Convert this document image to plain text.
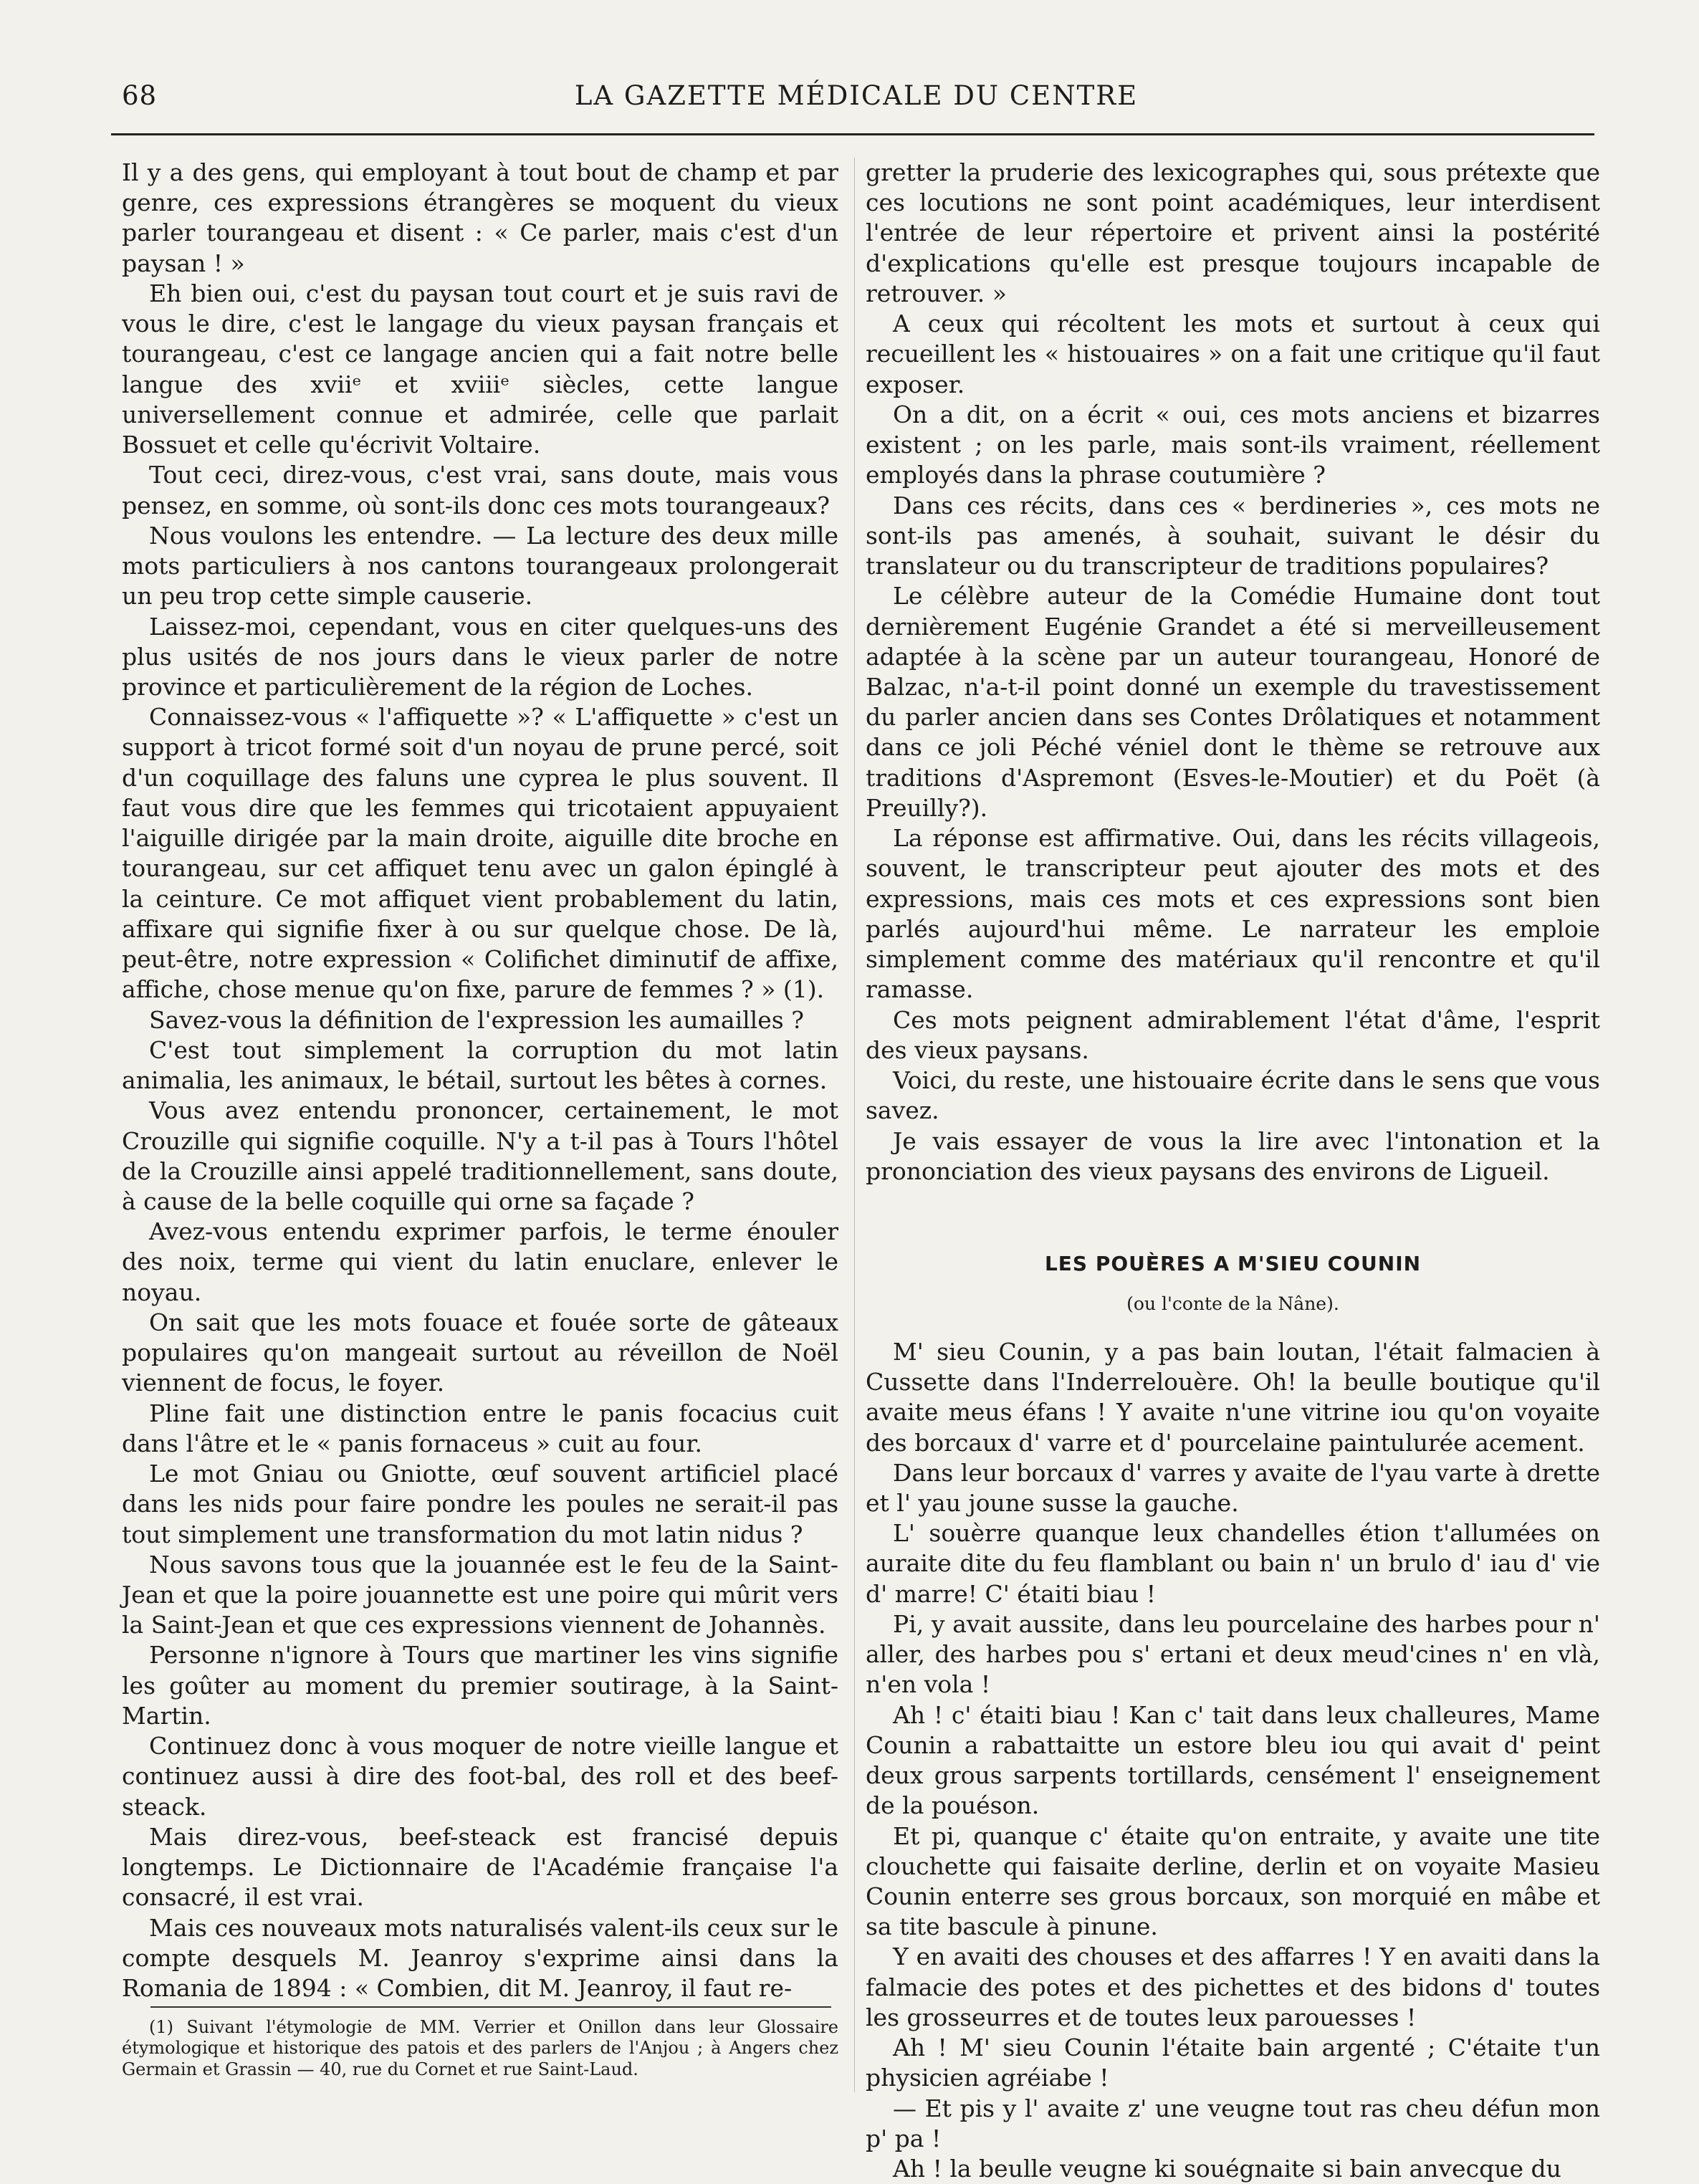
68	LA GAZETTE MÉDICALE DU CENTRE

Il y a des gens, qui employant à tout bout de champ et par genre, ces expressions étrangères se moquent du vieux parler tourangeau et disent : « Ce parler, mais c'est d'un paysan ! »

Eh bien oui, c'est du paysan tout court et je suis ravi de vous le dire, c'est le langage du vieux paysan français et tourangeau, c'est ce langage ancien qui a fait notre belle langue des xviiᵉ et xviiiᵉ siècles, cette langue universellement connue et admirée, celle que parlait Bossuet et celle qu'écrivit Voltaire.

Tout ceci, direz-vous, c'est vrai, sans doute, mais vous pensez, en somme, où sont-ils donc ces mots tourangeaux?

Nous voulons les entendre. — La lecture des deux mille mots particuliers à nos cantons tourangeaux prolongerait un peu trop cette simple causerie.

Laissez-moi, cependant, vous en citer quelques-uns des plus usités de nos jours dans le vieux parler de notre province et particulièrement de la région de Loches.

Connaissez-vous « l'affiquette »? « L'affiquette » c'est un support à tricot formé soit d'un noyau de prune percé, soit d'un coquillage des faluns une cyprea le plus souvent. Il faut vous dire que les femmes qui tricotaient appuyaient l'aiguille dirigée par la main droite, aiguille dite broche en tourangeau, sur cet affiquet tenu avec un galon épinglé à la ceinture. Ce mot affiquet vient probablement du latin, affixare qui signifie fixer à ou sur quelque chose. De là, peut-être, notre expression « Colifichet diminutif de affixe, affiche, chose menue qu'on fixe, parure de femmes ? » (1).

Savez-vous la définition de l'expression les aumailles ?

C'est tout simplement la corruption du mot latin animalia, les animaux, le bétail, surtout les bêtes à cornes.

Vous avez entendu prononcer, certainement, le mot Crouzille qui signifie coquille. N'y a t-il pas à Tours l'hôtel de la Crouzille ainsi appelé traditionnellement, sans doute, à cause de la belle coquille qui orne sa façade ?

Avez-vous entendu exprimer parfois, le terme énouler des noix, terme qui vient du latin enuclare, enlever le noyau.

On sait que les mots fouace et fouée sorte de gâteaux populaires qu'on mangeait surtout au réveillon de Noël viennent de focus, le foyer.

Pline fait une distinction entre le panis focacius cuit dans l'âtre et le « panis fornaceus » cuit au four.

Le mot Gniau ou Gniotte, œuf souvent artificiel placé dans les nids pour faire pondre les poules ne serait-il pas tout simplement une transformation du mot latin nidus ?

Nous savons tous que la jouannée est le feu de la Saint-Jean et que la poire jouannette est une poire qui mûrit vers la Saint-Jean et que ces expressions viennent de Johannès.

Personne n'ignore à Tours que martiner les vins signifie les goûter au moment du premier soutirage, à la Saint-Martin.

Continuez donc à vous moquer de notre vieille langue et continuez aussi à dire des foot-bal, des roll et des beef-steack.

Mais direz-vous, beef-steack est francisé depuis longtemps. Le Dictionnaire de l'Académie française l'a consacré, il est vrai.

Mais ces nouveaux mots naturalisés valent-ils ceux sur le compte desquels M. Jeanroy s'exprime ainsi dans la Romania de 1894 : « Combien, dit M. Jeanroy, il faut re-

gretter la pruderie des lexicographes qui, sous prétexte que ces locutions ne sont point académiques, leur interdisent l'entrée de leur répertoire et privent ainsi la postérité d'explications qu'elle est presque toujours incapable de retrouver. »

A ceux qui récoltent les mots et surtout à ceux qui recueillent les « histouaires » on a fait une critique qu'il faut exposer.

On a dit, on a écrit « oui, ces mots anciens et bizarres existent ; on les parle, mais sont-ils vraiment, réellement employés dans la phrase coutumière ?

Dans ces récits, dans ces « berdineries », ces mots ne sont-ils pas amenés, à souhait, suivant le désir du translateur ou du transcripteur de traditions populaires?

Le célèbre auteur de la Comédie Humaine dont tout dernièrement Eugénie Grandet a été si merveilleusement adaptée à la scène par un auteur tourangeau, Honoré de Balzac, n'a-t-il point donné un exemple du travestissement du parler ancien dans ses Contes Drôlatiques et notamment dans ce joli Péché véniel dont le thème se retrouve aux traditions d'Aspremont (Esves-le-Moutier) et du Poët (à Preuilly?).

La réponse est affirmative. Oui, dans les récits villageois, souvent, le transcripteur peut ajouter des mots et des expressions, mais ces mots et ces expressions sont bien parlés aujourd'hui même. Le narrateur les emploie simplement comme des matériaux qu'il rencontre et qu'il ramasse.

Ces mots peignent admirablement l'état d'âme, l'esprit des vieux paysans.

Voici, du reste, une histouaire écrite dans le sens que vous savez.

Je vais essayer de vous la lire avec l'intonation et la prononciation des vieux paysans des environs de Ligueil.

LES POUÈRES A M'SIEU COUNIN
(ou l'conte de la Nâne).

M' sieu Counin, y a pas bain loutan, l'était falmacien à Cussette dans l'Inderrelouère. Oh! la beulle boutique qu'il avaite meus éfans ! Y avaite n'une vitrine iou qu'on voyaite des borcaux d' varre et d' pourcelaine paintulurée acement.

Dans leur borcaux d' varres y avaite de l'yau varte à drette et l' yau joune susse la gauche.

L' souèrre quanque leux chandelles étion t'allumées on auraite dite du feu flamblant ou bain n' un brulo d' iau d' vie d' marre! C' étaiti biau !

Pi, y avait aussite, dans leu pourcelaine des harbes pour n' aller, des harbes pou s' ertani et deux meud'cines n' en vlà, n'en vola !

Ah ! c' étaiti biau ! Kan c' tait dans leux challeures, Mame Counin a rabattaitte un estore bleu iou qui avait d' peint deux grous sarpents tortillards, censément l' enseignement de la pouéson.

Et pi, quanque c' étaite qu'on entraite, y avaite une tite clouchette qui faisaite derline, derlin et on voyaite Masieu Counin enterre ses grous borcaux, son morquié en mâbe et sa tite bascule à pinune.

Y en avaiti des chouses et des affarres ! Y en avaiti dans la falmacie des potes et des pichettes et des bidons d' toutes les grosseurres et de toutes leux parouesses !

Ah ! M' sieu Counin l'étaite bain argenté ; C'étaite t'un physicien agréiabe !

— Et pis y l' avaite z' une veugne tout ras cheu défun mon p' pa !

Ah ! la beulle veugne ki souégnaite si bain anvecque du

(1) Suivant l'étymologie de MM. Verrier et Onillon dans leur Glossaire étymologique et historique des patois et des parlers de l'Anjou ; à Angers chez Germain et Grassin — 40, rue du Cornet et rue Saint-Laud.
